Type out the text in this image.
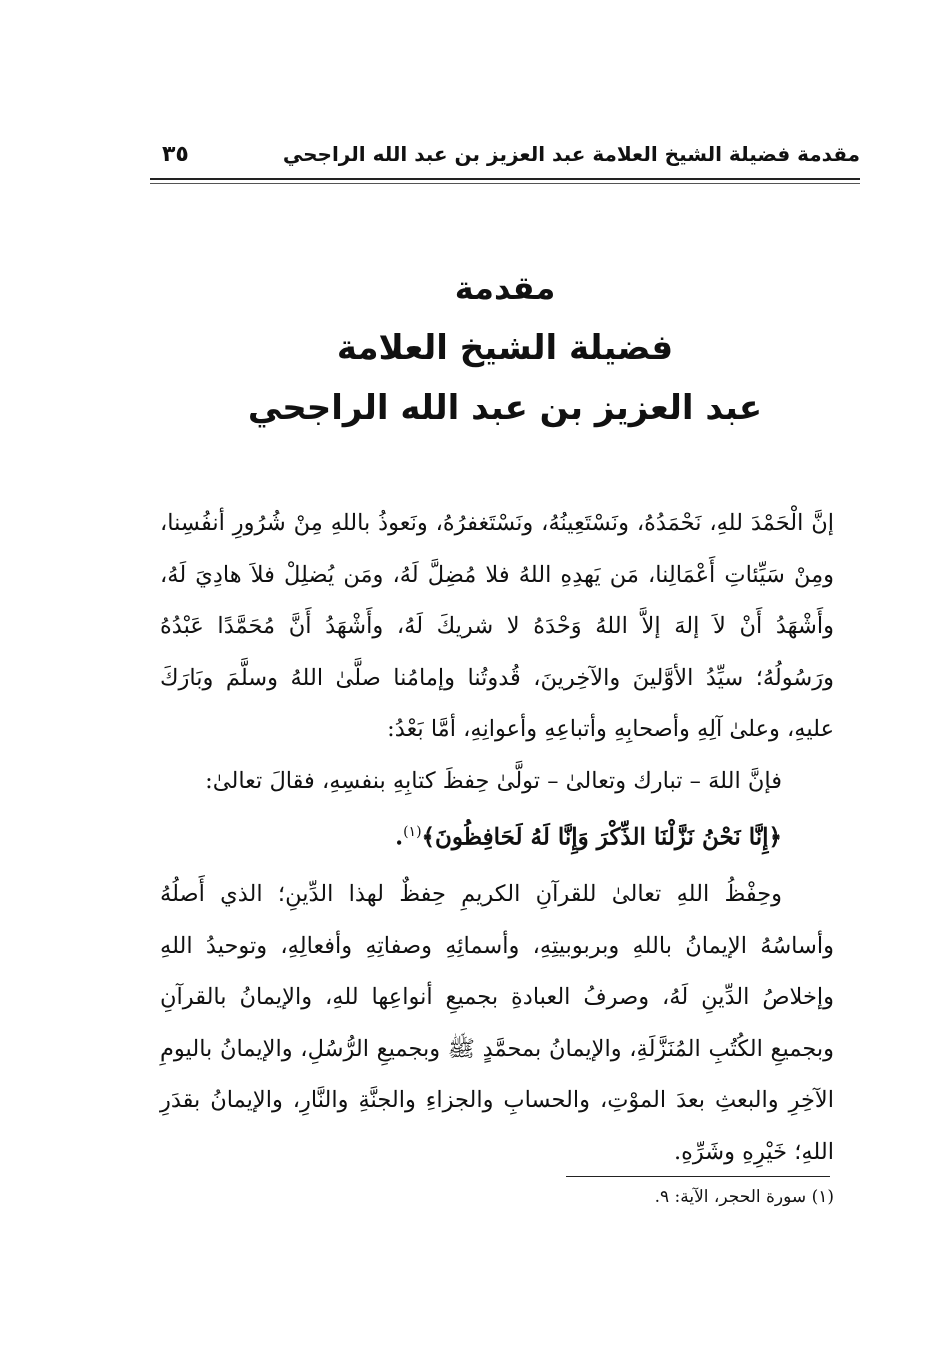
مقدمة فضيلة الشيخ العلامة عبد العزيز بن عبد الله الراجحي
٣٥
مقدمة
فضيلة الشيخ العلامة
عبد العزيز بن عبد الله الراجحي

إنَّ الْحَمْدَ للهِ، نَحْمَدُهُ، ونَسْتَعِينُهُ، ونَسْتَغفرُهُ، ونَعوذُ باللهِ مِنْ شُرُورِ أنفُسِنا، ومِنْ سَيِّئاتِ أَعْمَالِنا، مَن يَهدِهِ اللهُ فلا مُضِلَّ لَهُ، ومَن يُضلِلْ فلاَ هادِيَ لَهُ، وأَشْهَدُ أَنْ لاَ إلهَ إلاَّ اللهُ وَحْدَهُ لا شريكَ لَهُ، وأَشْهَدُ أَنَّ مُحَمَّدًا عَبْدُهُ ورَسُولُهُ؛ سيِّدُ الأوَّلينَ والآخِرينَ، قُدوتُنا وإمامُنا صلَّىٰ اللهُ وسلَّمَ وبَارَكَ عليهِ، وعلىٰ آلِهِ وأصحابِهِ وأتباعِهِ وأعوانِهِ، أمَّا بَعْدُ:

فإنَّ اللهَ – تبارك وتعالىٰ – تولَّىٰ حِفظَ كتابِهِ بنفسِهِ، فقالَ تعالىٰ:

﴿إِنَّا نَحْنُ نَزَّلْنَا الذِّكْرَ وَإِنَّا لَهُ لَحَافِظُونَ﴾$^{(١)}$.

وحِفْظُ اللهِ تعالىٰ للقرآنِ الكريمِ حِفظٌ لهذا الدِّينِ؛ الذي أَصلُهُ وأساسُهُ الإيمانُ باللهِ وبربوبيتِهِ، وأسمائِهِ وصفاتِهِ وأفعالِهِ، وتوحيدُ اللهِ وإخلاصُ الدِّينِ لَهُ، وصرفُ العبادةِ بجميعِ أنواعِها للهِ، والإيمانُ بالقرآنِ وبجميعِ الكُتُبِ المُنَزَّلَةِ، والإيمانُ بمحمَّدٍ ﷺ وبجميعِ الرُّسُلِ، والإيمانُ باليومِ الآخِرِ والبعثِ بعدَ الموْتِ، والحسابِ والجزاءِ والجنَّةِ والنَّارِ، والإيمانُ بقدَرِ اللهِ؛ خَيْرِهِ وشَرِّهِ.

(١) سورة الحجر، الآية: ٩.
